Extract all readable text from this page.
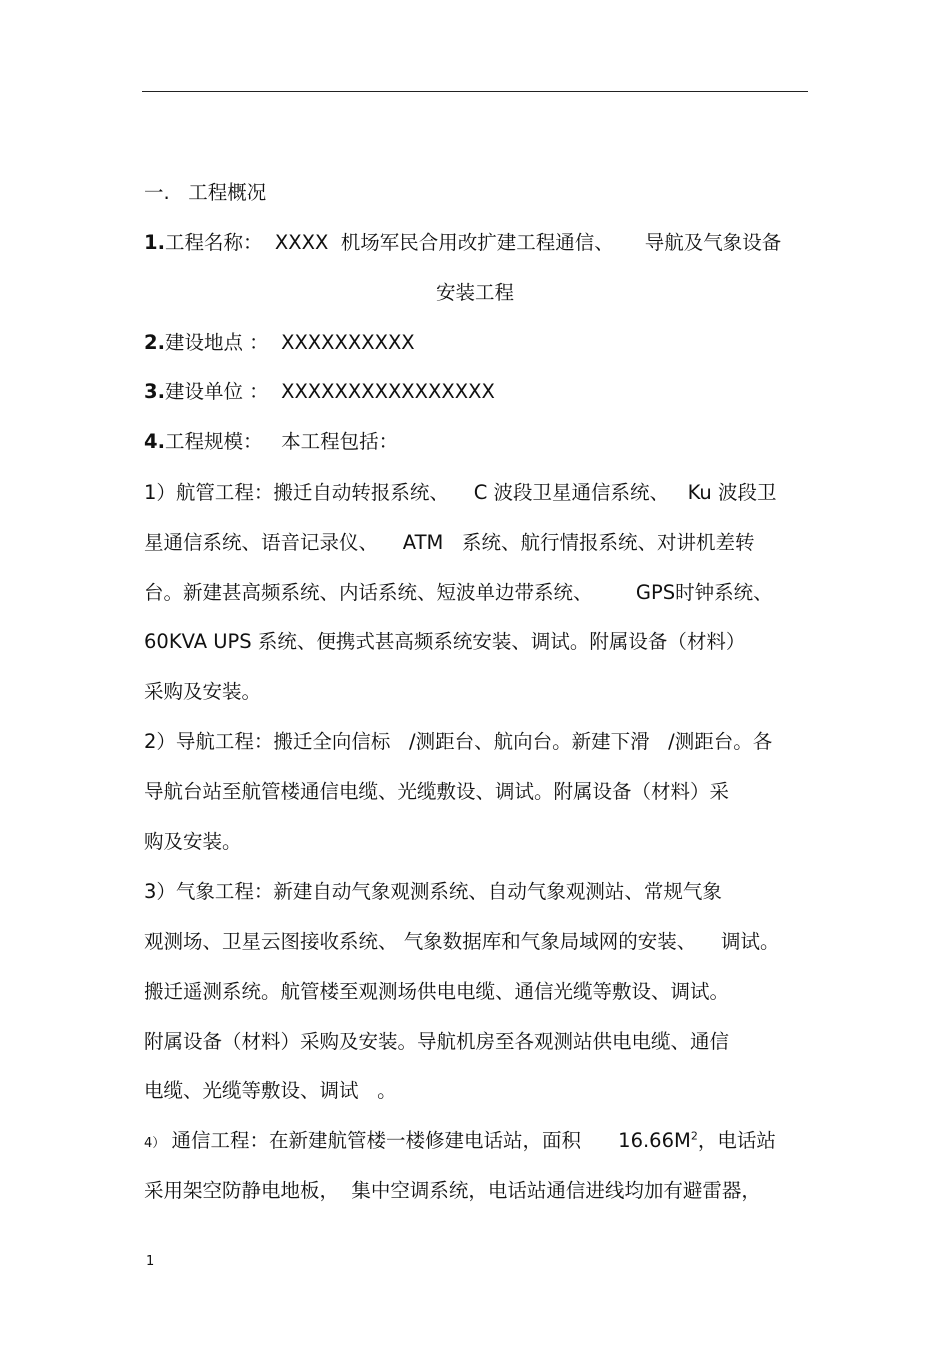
一.   工程概况
1.工程名称：  XXXX  机场军民合用改扩建工程通信、     导航及气象设备
安装工程
2.建设地点 ：  XXXXXXXXXX
3.建设单位 ：  XXXXXXXXXXXXXXXX
4.工程规模：   本工程包括：
1）航管工程：搬迁自动转报系统、    C 波段卫星通信系统、   Ku 波段卫
星通信系统、语音记录仪、    ATM   系统、航行情报系统、对讲机差转
台。新建甚高频系统、内话系统、短波单边带系统、       GPS时钟系统、
60KVA UPS 系统、便携式甚高频系统安装、调试。附属设备（材料）
采购及安装。
2）导航工程：搬迁全向信标   /测距台、航向台。新建下滑   /测距台。各
导航台站至航管楼通信电缆、光缆敷设、调试。附属设备（材料）采
购及安装。
3）气象工程：新建自动气象观测系统、自动气象观测站、常规气象
观测场、卫星云图接收系统、 气象数据库和气象局域网的安装、    调试。
搬迁遥测系统。航管楼至观测场供电电缆、通信光缆等敷设、调试。
附属设备（材料）采购及安装。导航机房至各观测站供电电缆、通信
电缆、光缆等敷设、调试   。
4） 通信工程：在新建航管楼一楼修建电话站，面积      $16.66M^2$，电话站
采用架空防静电地板，  集中空调系统，电话站通信进线均加有避雷器，
1
